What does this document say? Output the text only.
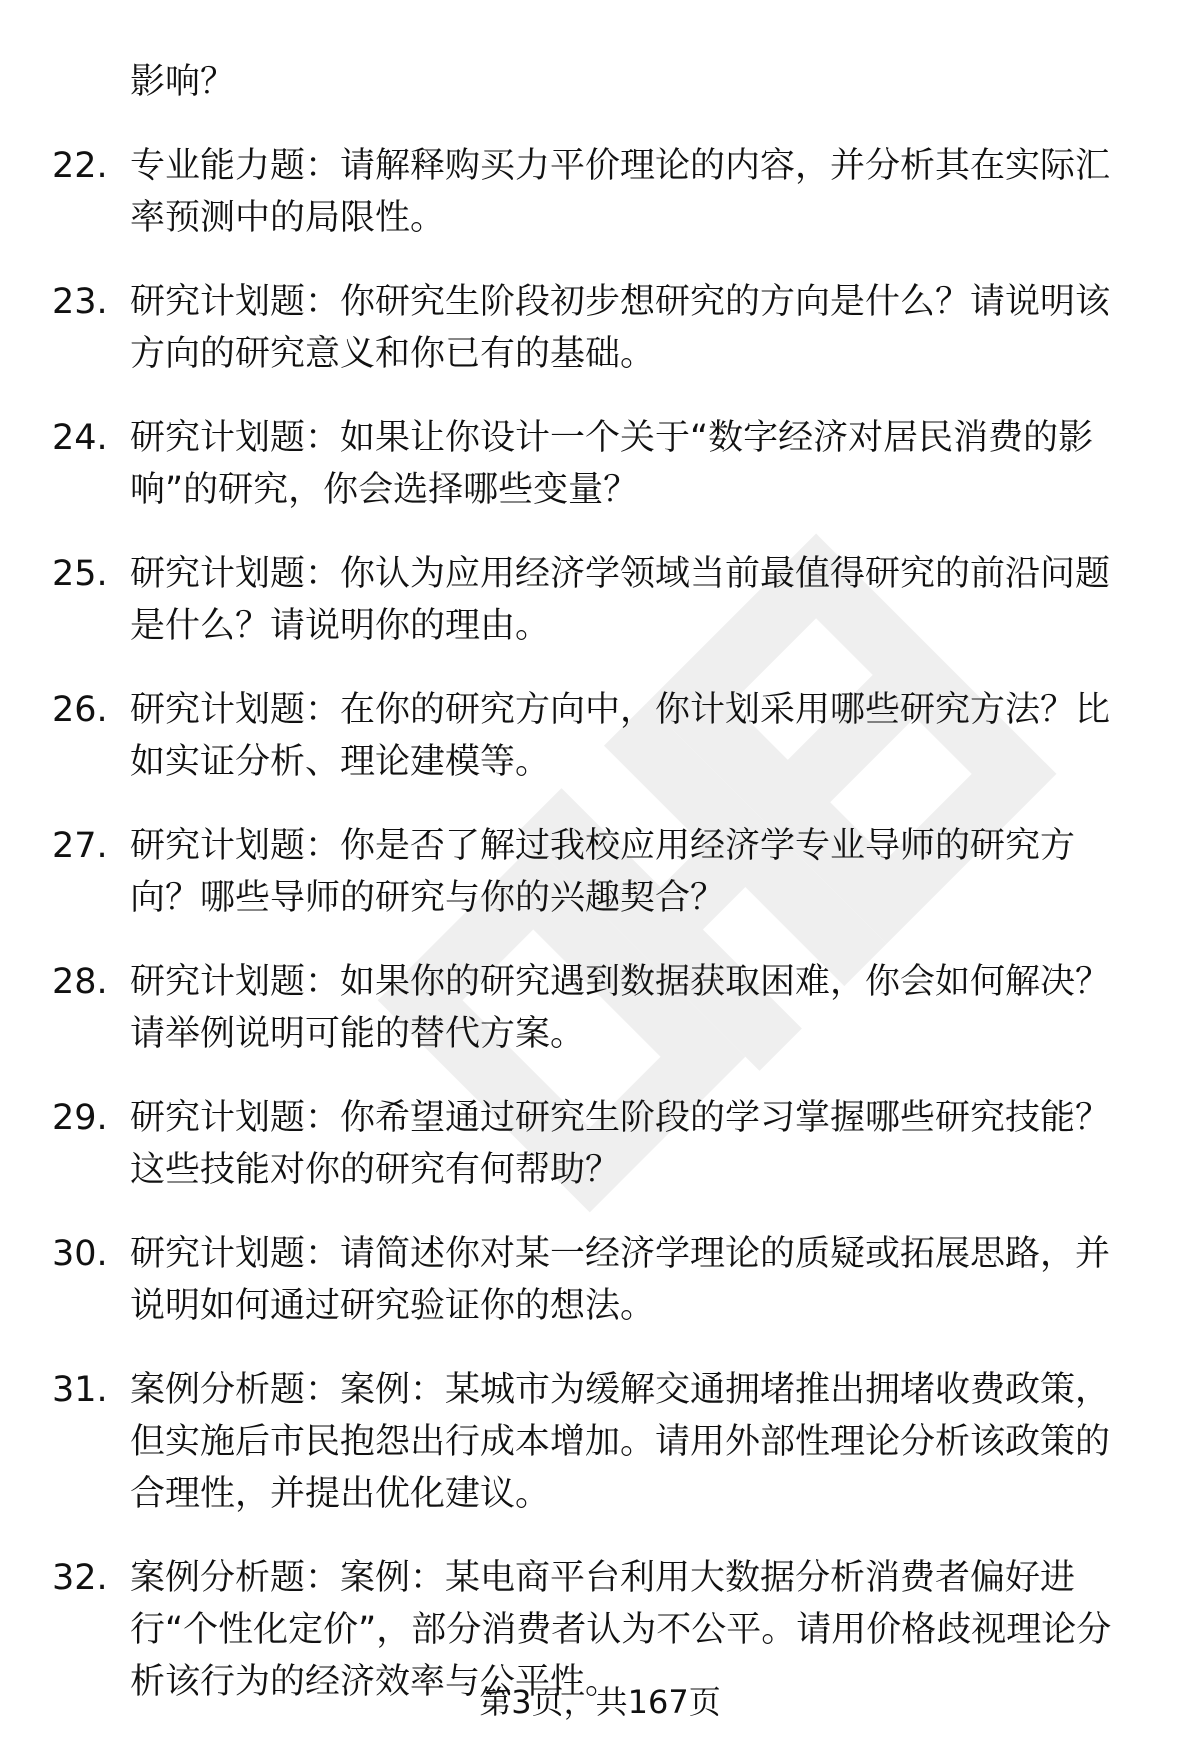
影响？

22. 专业能力题：请解释购买力平价理论的内容，并分析其在实际汇率预测中的局限性。
23. 研究计划题：你研究生阶段初步想研究的方向是什么？请说明该方向的研究意义和你已有的基础。
24. 研究计划题：如果让你设计一个关于“数字经济对居民消费的影响”的研究，你会选择哪些变量？
25. 研究计划题：你认为应用经济学领域当前最值得研究的前沿问题是什么？请说明你的理由。
26. 研究计划题：在你的研究方向中，你计划采用哪些研究方法？比如实证分析、理论建模等。
27. 研究计划题：你是否了解过我校应用经济学专业导师的研究方向？哪些导师的研究与你的兴趣契合？
28. 研究计划题：如果你的研究遇到数据获取困难，你会如何解决？请举例说明可能的替代方案。
29. 研究计划题：你希望通过研究生阶段的学习掌握哪些研究技能？这些技能对你的研究有何帮助？
30. 研究计划题：请简述你对某一经济学理论的质疑或拓展思路，并说明如何通过研究验证你的想法。
31. 案例分析题：案例：某城市为缓解交通拥堵推出拥堵收费政策，但实施后市民抱怨出行成本增加。请用外部性理论分析该政策的合理性，并提出优化建议。
32. 案例分析题：案例：某电商平台利用大数据分析消费者偏好进行“个性化定价”，部分消费者认为不公平。请用价格歧视理论分析该行为的经济效率与公平性。
第3页，共167页
